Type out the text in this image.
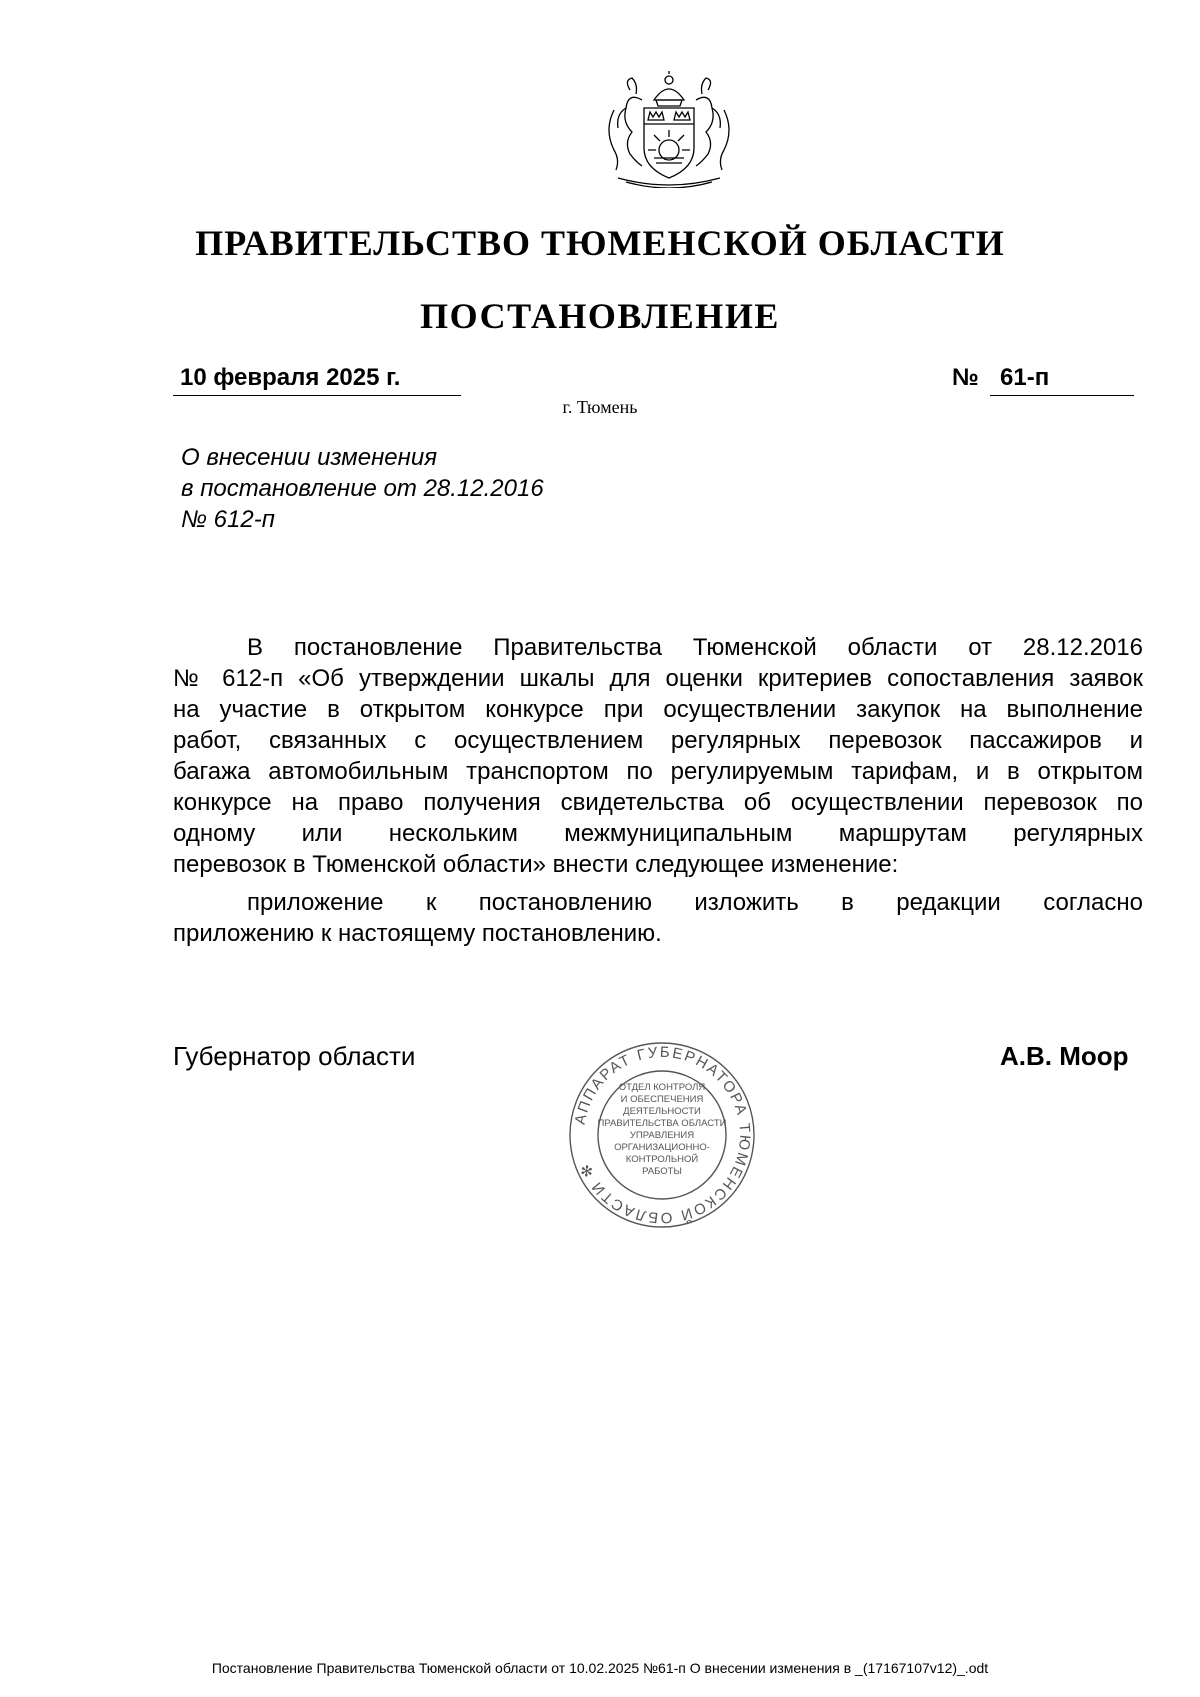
ПРАВИТЕЛЬСТВО ТЮМЕНСКОЙ ОБЛАСТИ
ПОСТАНОВЛЕНИЕ
10 февраля 2025 г.	№ 61-п
г. Тюмень
О внесении изменения
в постановление от 28.12.2016
№ 612-п
В постановление Правительства Тюменской области от 28.12.2016
№ 612-п «Об утверждении шкалы для оценки критериев сопоставления заявок
на участие в открытом конкурсе при осуществлении закупок на выполнение
работ, связанных с осуществлением регулярных перевозок пассажиров и
багажа автомобильным транспортом по регулируемым тарифам, и в открытом
конкурсе на право получения свидетельства об осуществлении перевозок по
одному или нескольким межмуниципальным маршрутам регулярных
перевозок в Тюменской области» внести следующее изменение:
приложение к постановлению изложить в редакции согласно
приложению к настоящему постановлению.
Губернатор области	А.В. Моор
АППАРАТ ГУБЕРНАТОРА ТЮМЕНСКОЙ ОБЛАСТИ ✻
ОТДЕЛ КОНТРОЛЯ
И ОБЕСПЕЧЕНИЯ
ДЕЯТЕЛЬНОСТИ
ПРАВИТЕЛЬСТВА ОБЛАСТИ
УПРАВЛЕНИЯ
ОРГАНИЗАЦИОННО-
КОНТРОЛЬНОЙ
РАБОТЫ
Постановление Правительства Тюменской области от 10.02.2025 №61-п О внесении изменения в _(17167107v12)_.odt
